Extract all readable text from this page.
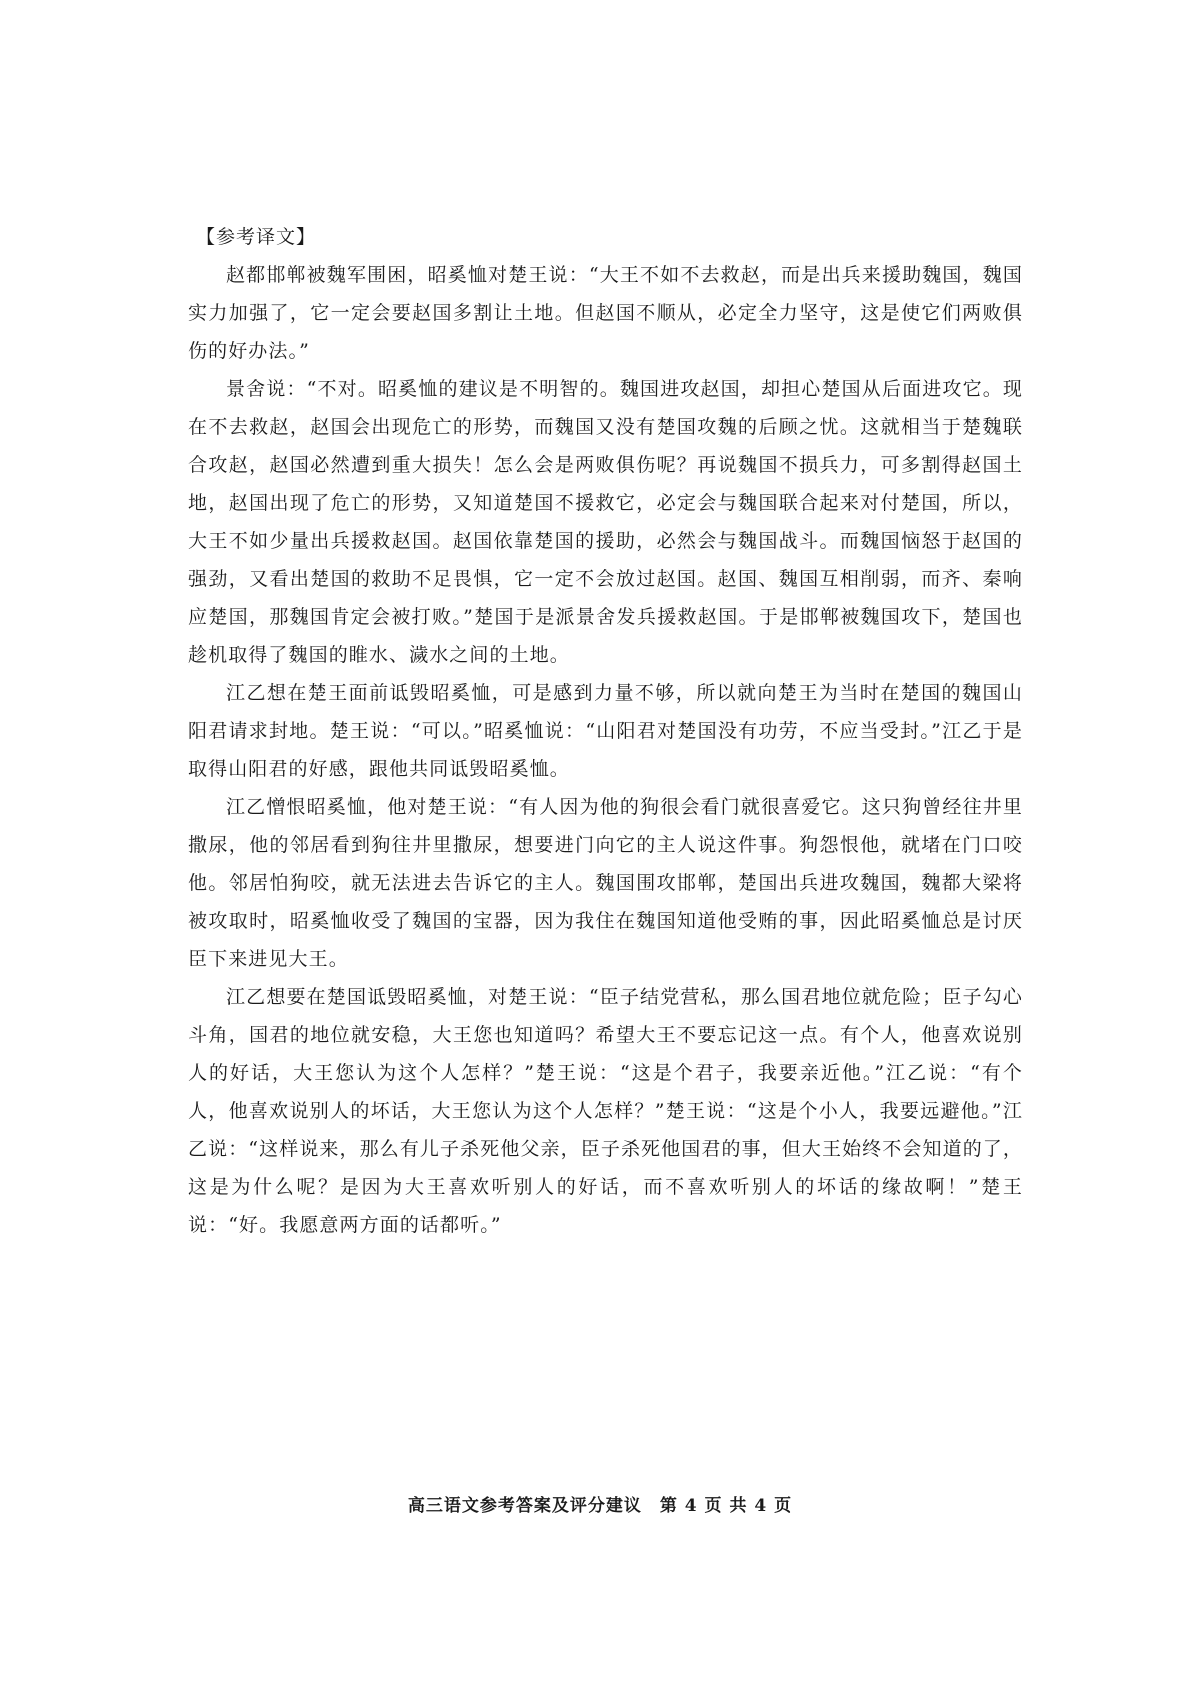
【参考译文】

赵都邯郸被魏军围困，昭奚恤对楚王说：“大王不如不去救赵，而是出兵来援助魏国，魏国实力加强了，它一定会要赵国多割让土地。但赵国不顺从，必定全力坚守，这是使它们两败俱伤的好办法。”

景舍说：“不对。昭奚恤的建议是不明智的。魏国进攻赵国，却担心楚国从后面进攻它。现在不去救赵，赵国会出现危亡的形势，而魏国又没有楚国攻魏的后顾之忧。这就相当于楚魏联合攻赵，赵国必然遭到重大损失！怎么会是两败俱伤呢？再说魏国不损兵力，可多割得赵国土地，赵国出现了危亡的形势，又知道楚国不援救它，必定会与魏国联合起来对付楚国，所以，大王不如少量出兵援救赵国。赵国依靠楚国的援助，必然会与魏国战斗。而魏国恼怒于赵国的强劲，又看出楚国的救助不足畏惧，它一定不会放过赵国。赵国、魏国互相削弱，而齐、秦响应楚国，那魏国肯定会被打败。”楚国于是派景舍发兵援救赵国。于是邯郸被魏国攻下，楚国也趁机取得了魏国的睢水、濊水之间的土地。

江乙想在楚王面前诋毁昭奚恤，可是感到力量不够，所以就向楚王为当时在楚国的魏国山阳君请求封地。楚王说：“可以。”昭奚恤说：“山阳君对楚国没有功劳，不应当受封。”江乙于是取得山阳君的好感，跟他共同诋毁昭奚恤。

江乙憎恨昭奚恤，他对楚王说：“有人因为他的狗很会看门就很喜爱它。这只狗曾经往井里撒尿，他的邻居看到狗往井里撒尿，想要进门向它的主人说这件事。狗怨恨他，就堵在门口咬他。邻居怕狗咬，就无法进去告诉它的主人。魏国围攻邯郸，楚国出兵进攻魏国，魏都大梁将被攻取时，昭奚恤收受了魏国的宝器，因为我住在魏国知道他受贿的事，因此昭奚恤总是讨厌臣下来进见大王。

江乙想要在楚国诋毁昭奚恤，对楚王说：“臣子结党营私，那么国君地位就危险；臣子勾心斗角，国君的地位就安稳，大王您也知道吗？希望大王不要忘记这一点。有个人，他喜欢说别人的好话，大王您认为这个人怎样？”楚王说：“这是个君子，我要亲近他。”江乙说：“有个人，他喜欢说别人的坏话，大王您认为这个人怎样？”楚王说：“这是个小人，我要远避他。”江乙说：“这样说来，那么有儿子杀死他父亲，臣子杀死他国君的事，但大王始终不会知道的了，这是为什么呢？是因为大王喜欢听别人的好话，而不喜欢听别人的坏话的缘故啊！”楚王说：“好。我愿意两方面的话都听。”

高三语文参考答案及评分建议　第 4 页 共 4 页
